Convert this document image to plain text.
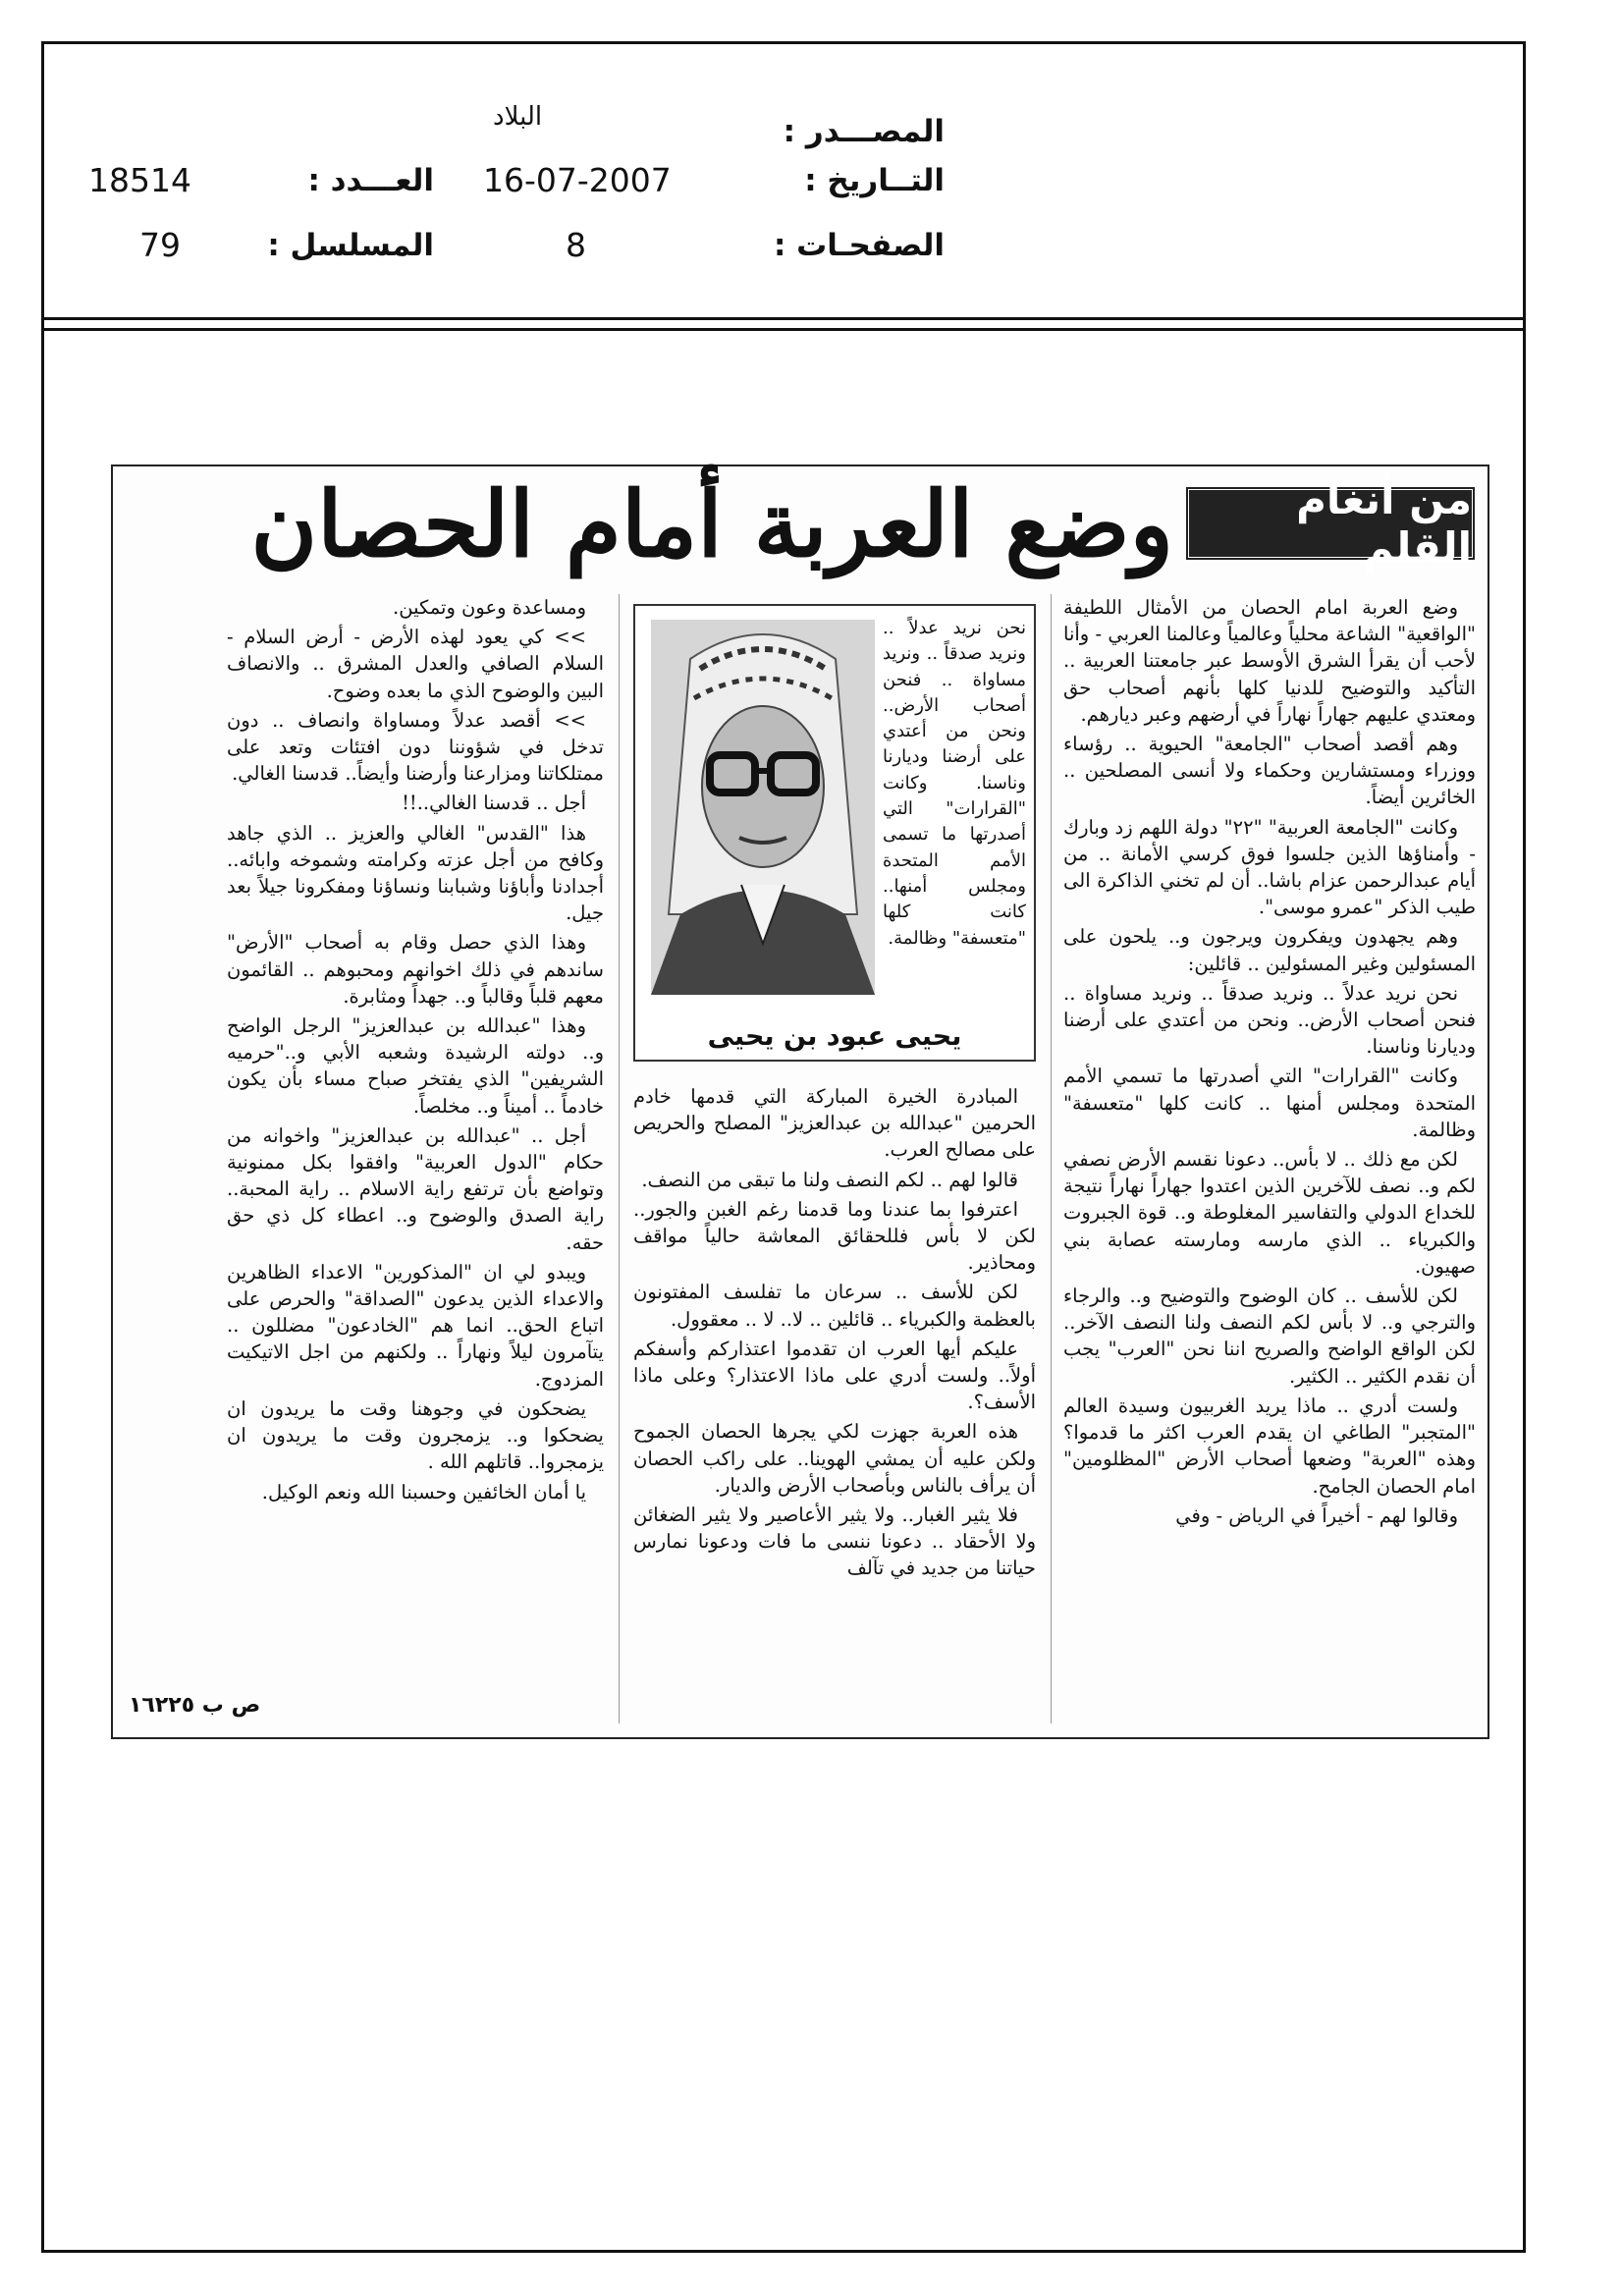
المصـــدر :
البلاد
التــاريخ :
16-07-2007
العـــدد :
18514
الصفحـات :
8
المسلسل :
79
من أنغام القلم
وضع العربة أمام الحصان

وضع العربة امام الحصان من الأمثال اللطيفة "الواقعية" الشاعة محلياً وعالمياً وعالمنا العربي - وأنا لأحب أن يقرأ الشرق الأوسط عبر جامعتنا العربية .. التأكيد والتوضيح للدنيا كلها بأنهم أصحاب حق ومعتدي عليهم جهاراً نهاراً في أرضهم وعبر ديارهم.

وهم أقصد أصحاب "الجامعة" الحيوية .. رؤساء ووزراء ومستشارين وحكماء ولا أنسى المصلحين .. الخائرين أيضاً.

وكانت "الجامعة العربية" "٢٢" دولة اللهم زد وبارك - وأمناؤها الذين جلسوا فوق كرسي الأمانة .. من أيام عبدالرحمن عزام باشا.. أن لم تخني الذاكرة الى طيب الذكر "عمرو موسى".

وهم يجهدون ويفكرون ويرجون و.. يلحون على المسئولين وغير المسئولين .. قائلين:

نحن نريد عدلاً .. ونريد صدقاً .. ونريد مساواة .. فنحن أصحاب الأرض.. ونحن من أعتدي على أرضنا وديارنا وناسنا.

وكانت "القرارات" التي أصدرتها ما تسمي الأمم المتحدة ومجلس أمنها .. كانت كلها "متعسفة" وظالمة.

لكن مع ذلك .. لا بأس.. دعونا نقسم الأرض نصفي لكم و.. نصف للآخرين الذين اعتدوا جهاراً نهاراً نتيجة للخداع الدولي والتفاسير المغلوطة و.. قوة الجبروت والكبرياء .. الذي مارسه ومارسته عصابة بني صهيون.

لكن للأسف .. كان الوضوح والتوضيح و.. والرجاء والترجي و.. لا بأس لكم النصف ولنا النصف الآخر.. لكن الواقع الواضح والصريح اننا نحن "العرب" يجب أن نقدم الكثير .. الكثير.

ولست أدري .. ماذا يريد الغربيون وسيدة العالم "المتجبر" الطاغي ان يقدم العرب اكثر ما قدموا؟ وهذه "العربة" وضعها أصحاب الأرض "المظلومين" امام الحصان الجامح.

وقالوا لهم - أخيراً في الرياض - وفي

نحن نريد عدلاً .. ونريد صدقاً .. ونريد مساواة .. فنحن أصحاب الأرض.. ونحن من أعتدي على أرضنا وديارنا وناسنا. وكانت "القرارات" التي أصدرتها ما تسمى الأمم المتحدة ومجلس أمنها.. كانت كلها "متعسفة" وظالمة.
يحيى عبود بن يحيى

المبادرة الخيرة المباركة التي قدمها خادم الحرمين "عبدالله بن عبدالعزيز" المصلح والحريص على مصالح العرب.

قالوا لهم .. لكم النصف ولنا ما تبقى من النصف.

اعترفوا بما عندنا وما قدمنا رغم الغبن والجور.. لكن لا بأس فللحقائق المعاشة حالياً مواقف ومحاذير.

لكن للأسف .. سرعان ما تفلسف المفتونون بالعظمة والكبرياء .. قائلين .. لا.. لا .. معقوول.

عليكم أيها العرب ان تقدموا اعتذاركم وأسفكم أولاً.. ولست أدري على ماذا الاعتذار؟ وعلى ماذا الأسف؟.

هذه العربة جهزت لكي يجرها الحصان الجموح ولكن عليه أن يمشي الهوينا.. على راكب الحصان أن يرأف بالناس وبأصحاب الأرض والديار.

فلا يثير الغبار.. ولا يثير الأعاصير ولا يثير الضغائن ولا الأحقاد .. دعونا ننسى ما فات ودعونا نمارس حياتنا من جديد في تآلف

ومساعدة وعون وتمكين.

>> كي يعود لهذه الأرض - أرض السلام - السلام الصافي والعدل المشرق .. والانصاف البين والوضوح الذي ما بعده وضوح.

>> أقصد عدلاً ومساواة وانصاف .. دون تدخل في شؤوننا دون افتئات وتعد على ممتلكاتنا ومزارعنا وأرضنا وأيضاً.. قدسنا الغالي.

أجل .. قدسنا الغالي..!!

هذا "القدس" الغالي والعزيز .. الذي جاهد وكافح من أجل عزته وكرامته وشموخه وابائه.. أجدادنا وأباؤنا وشبابنا ونساؤنا ومفكرونا جيلاً بعد جيل.

وهذا الذي حصل وقام به أصحاب "الأرض" ساندهم في ذلك اخوانهم ومحبوهم .. القائمون معهم قلباً وقالباً و.. جهداً ومثابرة.

وهذا "عبدالله بن عبدالعزيز" الرجل الواضح و.. دولته الرشيدة وشعبه الأبي و.."حرميه الشريفين" الذي يفتخر صباح مساء بأن يكون خادماً .. أميناً و.. مخلصاً.

أجل .. "عبدالله بن عبدالعزيز" واخوانه من حكام "الدول العربية" وافقوا بكل ممنونية وتواضع بأن ترتفع راية الاسلام .. راية المحبة.. راية الصدق والوضوح و.. اعطاء كل ذي حق حقه.

ويبدو لي ان "المذكورين" الاعداء الظاهرين والاعداء الذين يدعون "الصداقة" والحرص على اتباع الحق.. انما هم "الخادعون" مضللون .. يتآمرون ليلاً ونهاراً .. ولكنهم من اجل الاتيكيت المزدوج.

يضحكون في وجوهنا وقت ما يريدون ان يضحكوا و.. يزمجرون وقت ما يريدون ان يزمجروا.. قاتلهم الله .

يا أمان الخائفين وحسبنا الله ونعم الوكيل.

ص ب ١٦٢٢٥
